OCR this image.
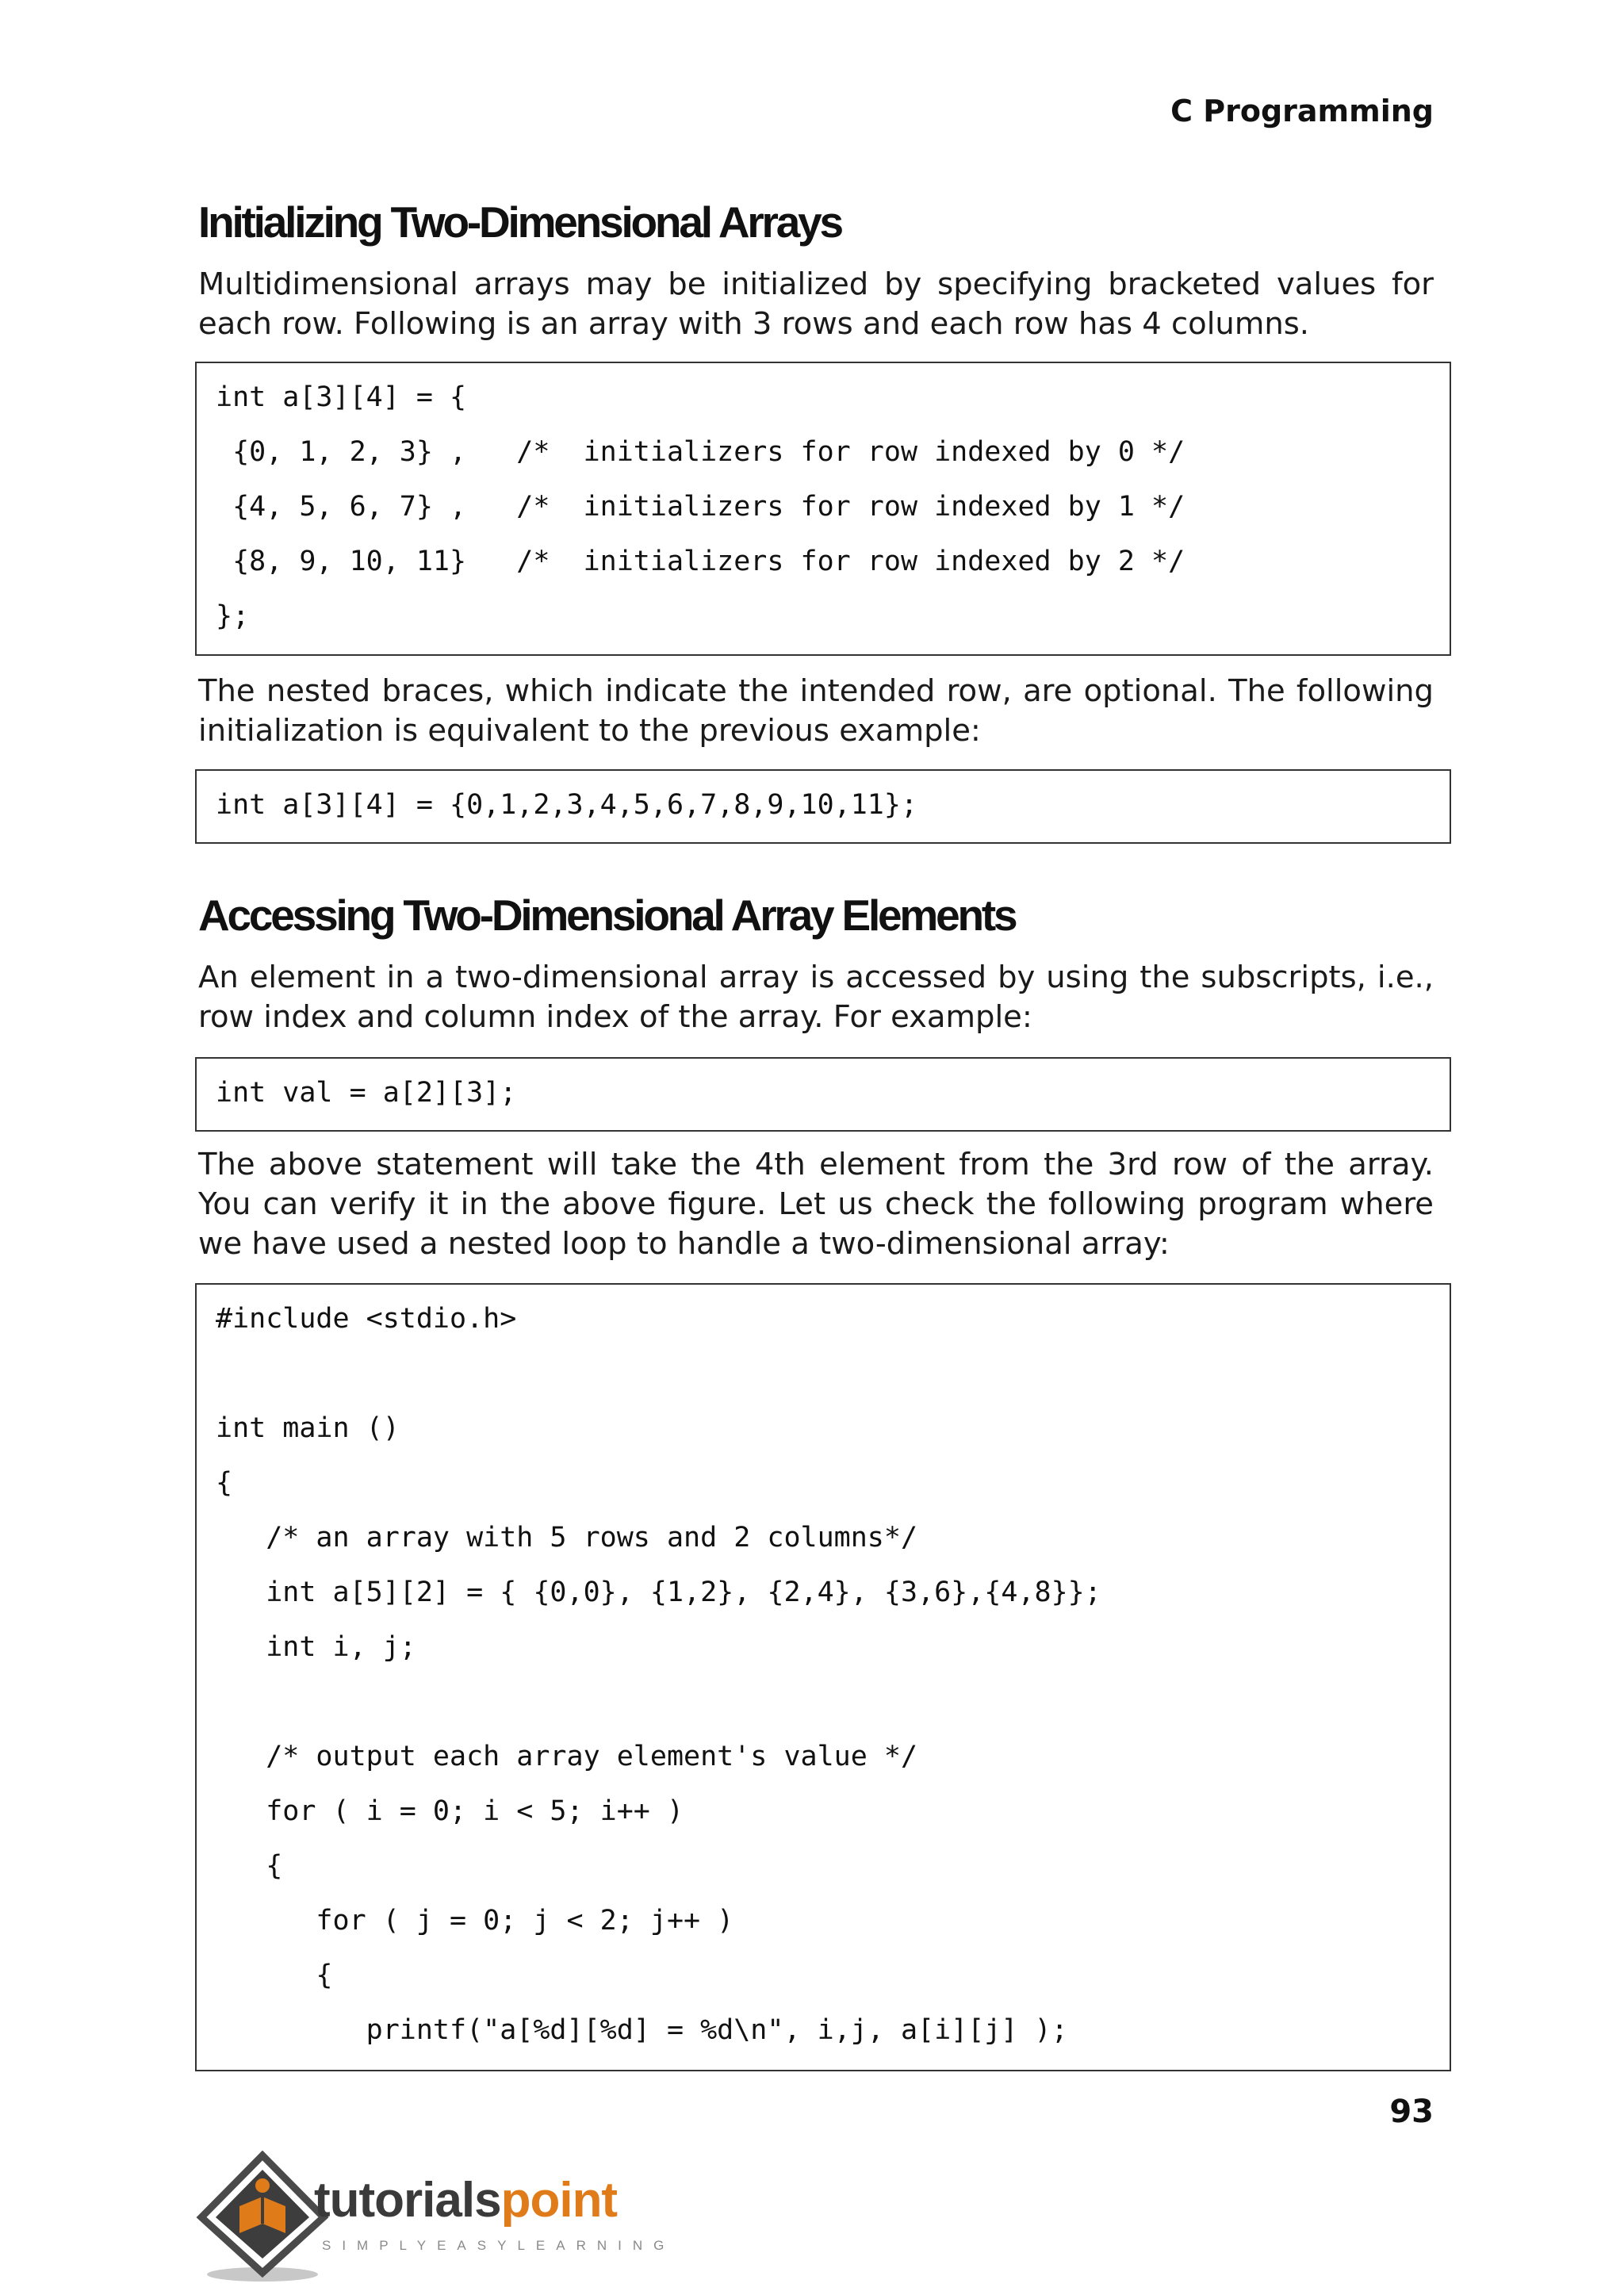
C Programming
Initializing Two-Dimensional Arrays
Multidimensional arrays may be initialized by specifying bracketed values for each row. Following is an array with 3 rows and each row has 4 columns.
int a[3][4] = {
{0, 1, 2, 3} ,   /*  initializers for row indexed by 0 */
{4, 5, 6, 7} ,   /*  initializers for row indexed by 1 */
{8, 9, 10, 11}   /*  initializers for row indexed by 2 */
};
The nested braces, which indicate the intended row, are optional. The following initialization is equivalent to the previous example:
int a[3][4] = {0,1,2,3,4,5,6,7,8,9,10,11};
Accessing Two-Dimensional Array Elements
An element in a two-dimensional array is accessed by using the subscripts, i.e., row index and column index of the array. For example:
int val = a[2][3];
The above statement will take the 4th element from the 3rd row of the array. You can verify it in the above figure. Let us check the following program where we have used a nested loop to handle a two-dimensional array:
#include <stdio.h>
int main ()
{
/* an array with 5 rows and 2 columns*/
int a[5][2] = { {0,0}, {1,2}, {2,4}, {3,6},{4,8}};
int i, j;
/* output each array element's value */
for ( i = 0; i < 5; i++ )
{
for ( j = 0; j < 2; j++ )
{
printf("a[%d][%d] = %d\n", i,j, a[i][j] );
93
tutorialspoint
SIMPLYEASYLEARNING
